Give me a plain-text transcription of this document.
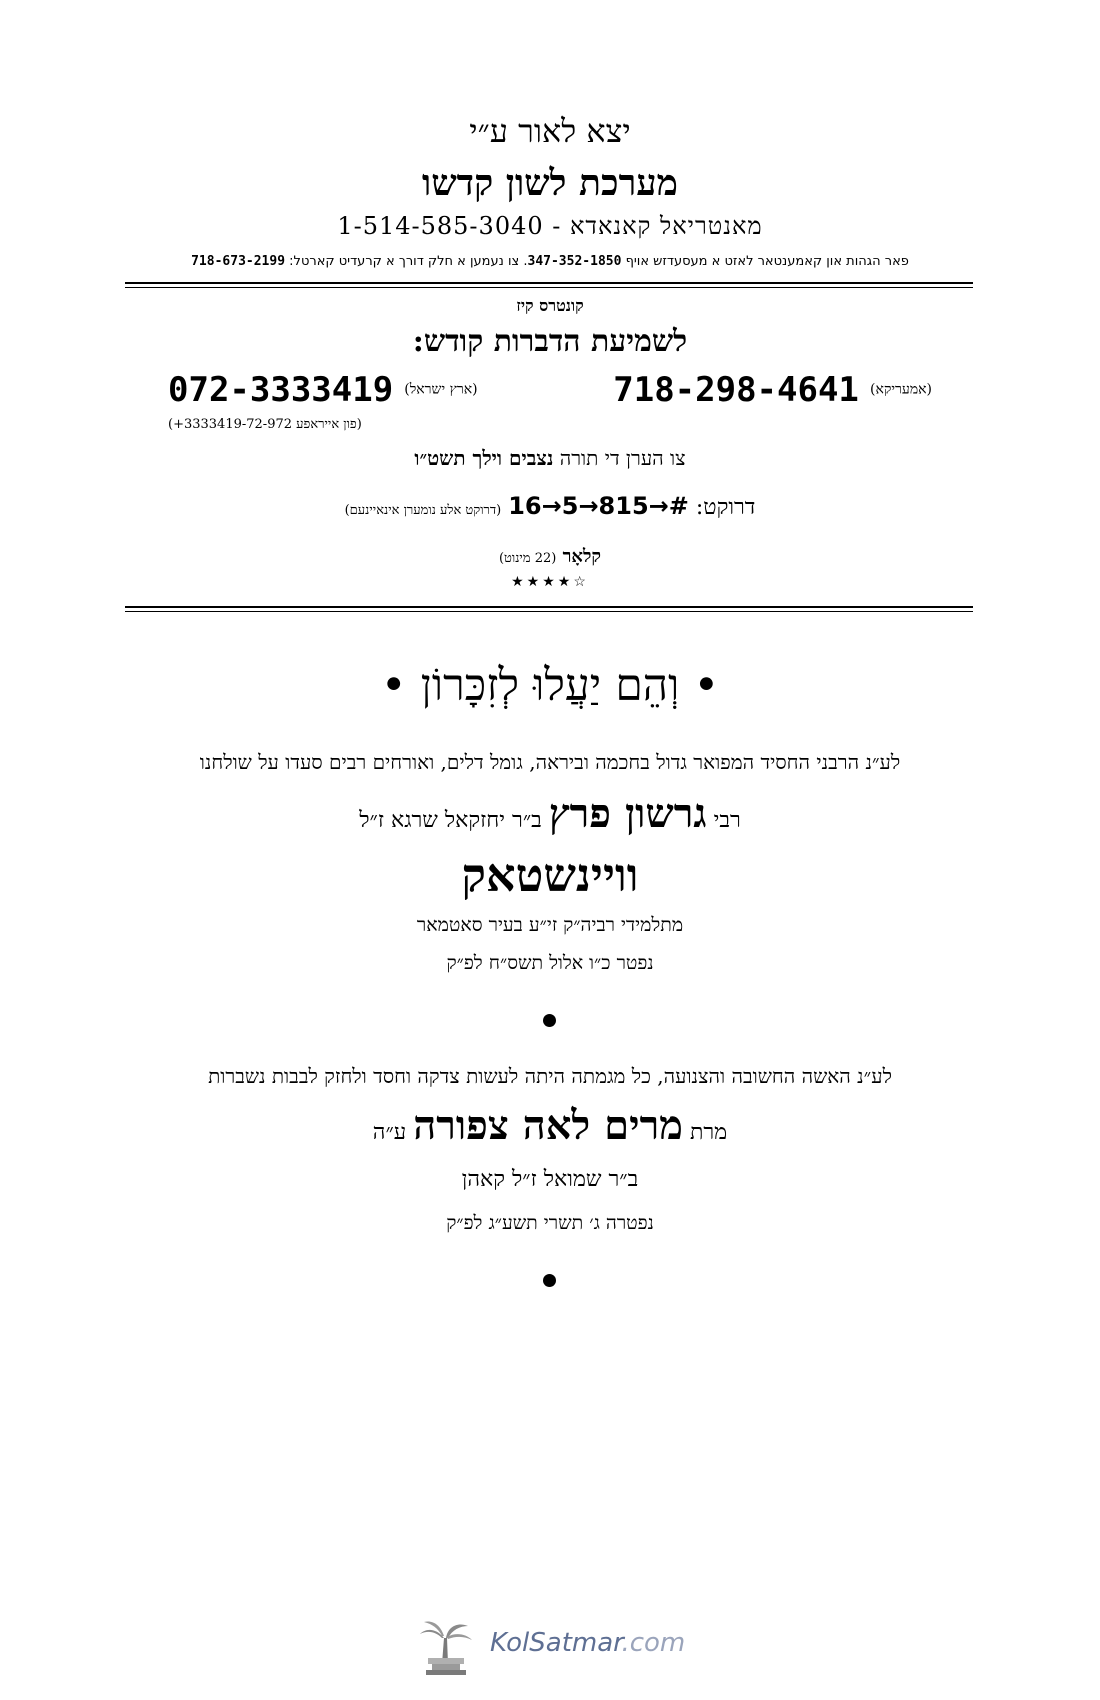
יצא לאור ע״י
מערכת לשון קדשו
מאנטריאל קאנאדא - 1-514-585-3040
פאר הגהות און קאמענטאר לאזט א מעסעדזש אויף 347-352-1850. צו נעמען א חלק דורך א קרעדיט קארטל: 718-673-2199
קונטרס קיז
לשמיעת הדברות קודש:
(אמעריקא) 718-298-4641
(ארץ ישראל) 072-3333419
(פון אייראפע 3333419-72-972+)
צו הערן די תורה נצבים וילך תשט״ו
דרוקט: 16→5→815→# (דרוקט אלע נומערן אינאיינעם)
קלאָר (22 מינוט)
☆★★★★
• וְהֵם יַעֲלוּ לְזִכָּרוֹן •
לע״נ הרבני החסיד המפואר גדול בחכמה וביראה, גומל דלים, ואורחים רבים סעדו על שולחנו
רבי גרשון פרץ ב״ר יחזקאל שרגא ז״ל
וויינשטאק
מתלמידי רביה״ק זי״ע בעיר סאטמאר
נפטר כ״ו אלול תשס״ח לפ״ק
לע״נ האשה החשובה והצנועה, כל מגמתה היתה לעשות צדקה וחסד ולחזק לבבות נשברות
מרת מרים לאה צפורה ע״ה
ב״ר שמואל ז״ל קאהן
נפטרה ג׳ תשרי תשע״ג לפ״ק
KolSatmar.com
